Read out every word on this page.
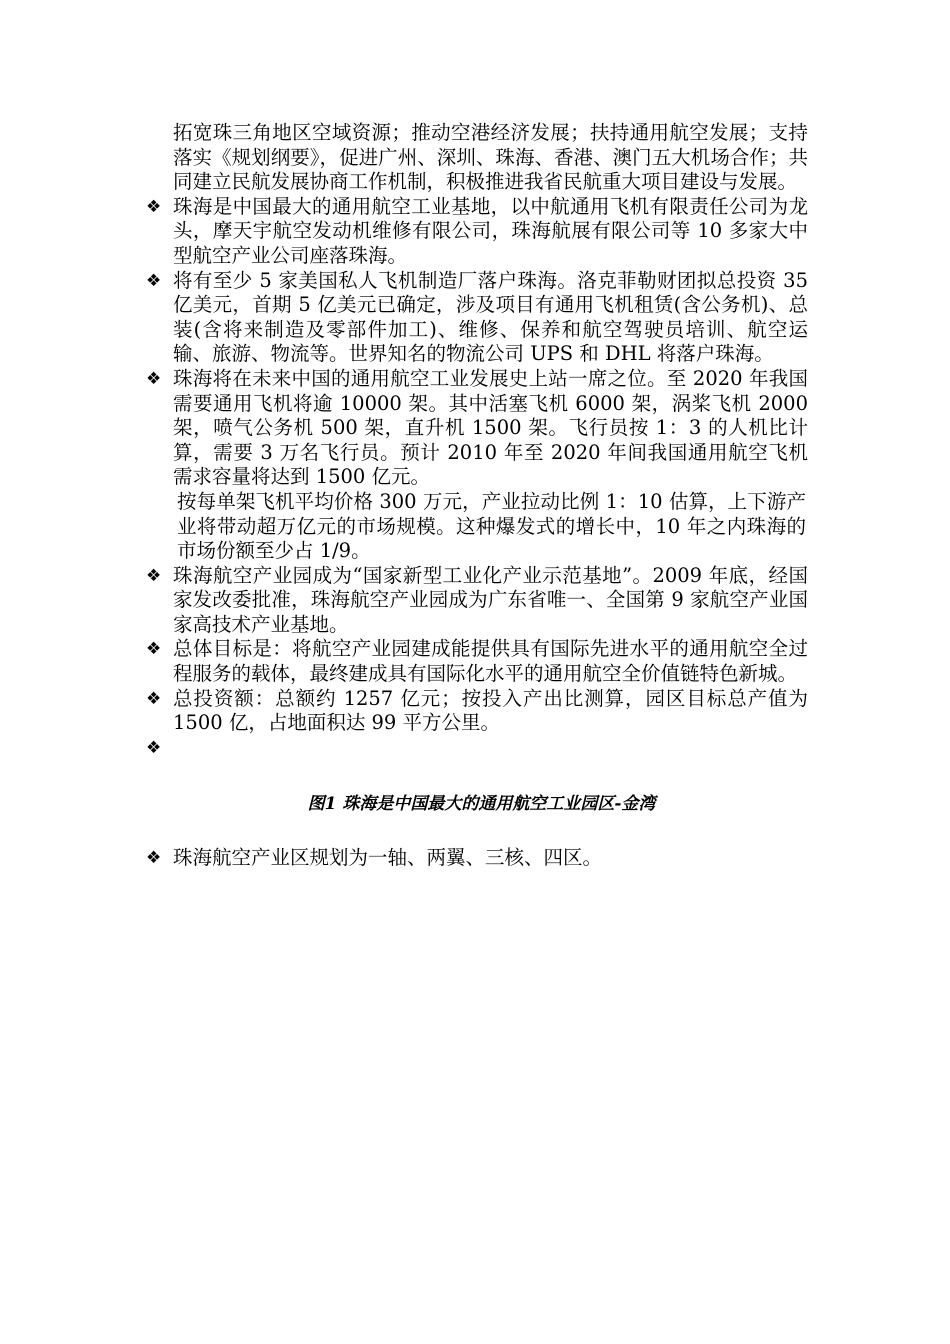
拓宽珠三角地区空域资源；推动空港经济发展；扶持通用航空发展；支持落实《规划纲要》，促进广州、深圳、珠海、香港、澳门五大机场合作；共同建立民航发展协商工作机制，积极推进我省民航重大项目建设与发展。

❖ 珠海是中国最大的通用航空工业基地，以中航通用飞机有限责任公司为龙头，摩天宇航空发动机维修有限公司，珠海航展有限公司等 10 多家大中型航空产业公司座落珠海。
❖ 将有至少 5 家美国私人飞机制造厂落户珠海。洛克菲勒财团拟总投资 35 亿美元，首期 5 亿美元已确定，涉及项目有通用飞机租赁(含公务机)、总装(含将来制造及零部件加工)、维修、保养和航空驾驶员培训、航空运输、旅游、物流等。世界知名的物流公司 UPS 和 DHL 将落户珠海。
❖ 珠海将在未来中国的通用航空工业发展史上站一席之位。至 2020 年我国需要通用飞机将逾 10000 架。其中活塞飞机 6000 架，涡桨飞机 2000 架，喷气公务机 500 架，直升机 1500 架。飞行员按 1：3 的人机比计算，需要 3 万名飞行员。预计 2010 年至 2020 年间我国通用航空飞机需求容量将达到 1500 亿元。

按每单架飞机平均价格 300 万元，产业拉动比例 1：10 估算，上下游产业将带动超万亿元的市场规模。这种爆发式的增长中，10 年之内珠海的市场份额至少占 1/9。

❖ 珠海航空产业园成为“国家新型工业化产业示范基地”。2009 年底，经国家发改委批准，珠海航空产业园成为广东省唯一、全国第 9 家航空产业国家高技术产业基地。
❖ 总体目标是：将航空产业园建成能提供具有国际先进水平的通用航空全过程服务的载体，最终建成具有国际化水平的通用航空全价值链特色新城。
❖ 总投资额：总额约 1257 亿元；按投入产出比测算，园区目标总产值为 1500 亿，占地面积达 99 平方公里。
❖
图1 珠海是中国最大的通用航空工业园区-金湾
❖ 珠海航空产业区规划为一轴、两翼、三核、四区。
